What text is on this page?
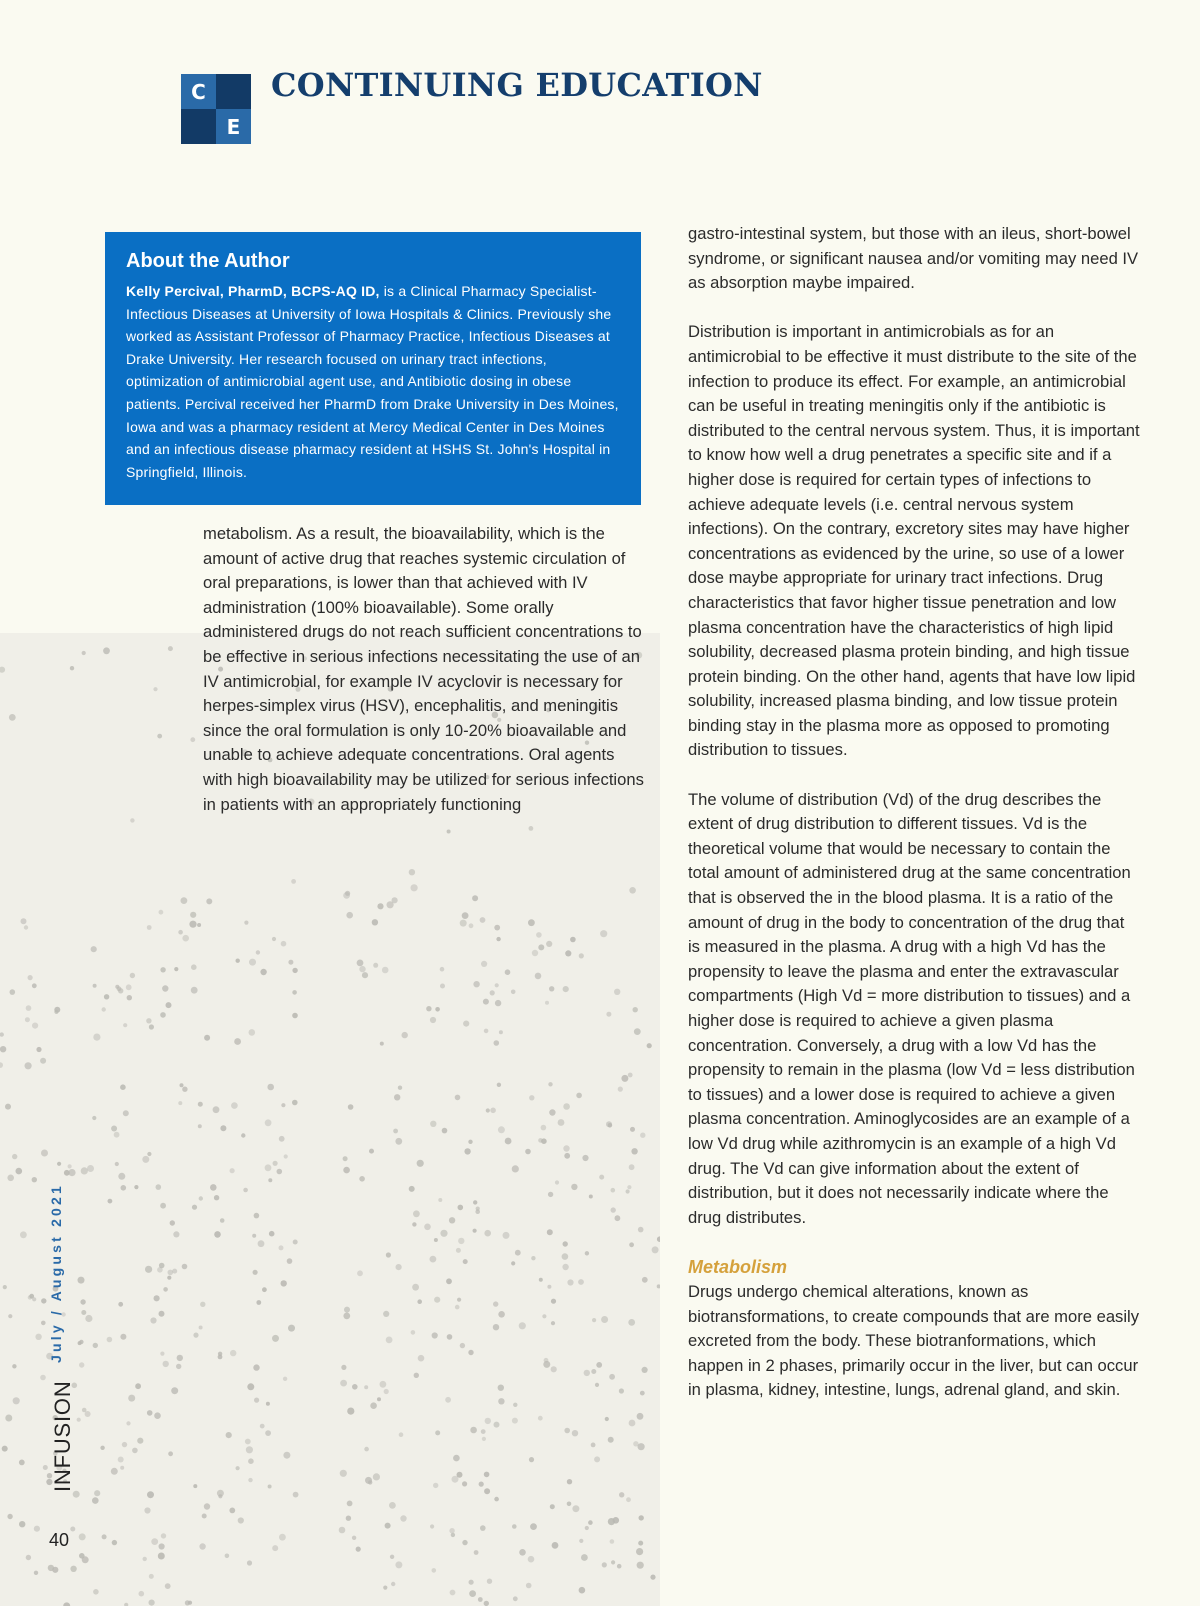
C
E
CONTINUING EDUCATION
About the Author
Kelly Percival, PharmD, BCPS-AQ ID, is a Clinical Pharmacy Specialist-Infectious Diseases at University of Iowa Hospitals & Clinics. Previously she worked as Assistant Professor of Pharmacy Practice, Infectious Diseases at Drake University. Her research focused on urinary tract infections, optimization of antimicrobial agent use, and Antibiotic dosing in obese patients. Percival received her PharmD from Drake University in Des Moines, Iowa and was a pharmacy resident at Mercy Medical Center in Des Moines and an infectious disease pharmacy resident at HSHS St. John's Hospital in Springfield, Illinois.

metabolism. As a result, the bioavailability, which is the amount of active drug that reaches systemic circulation of oral preparations, is lower than that achieved with IV administration (100% bioavailable). Some orally administered drugs do not reach sufficient concentrations to be effective in serious infections necessitating the use of an IV antimicrobial, for example IV acyclovir is necessary for herpes-simplex virus (HSV), encephalitis, and meningitis since the oral formulation is only 10-20% bioavailable and unable to achieve adequate concentrations. Oral agents with high bioavailability may be utilized for serious infections in patients with an appropriately functioning

gastro-intestinal system, but those with an ileus, short-bowel syndrome, or significant nausea and/or vomiting may need IV as absorption maybe impaired.

Distribution is important in antimicrobials as for an antimicrobial to be effective it must distribute to the site of the infection to produce its effect. For example, an antimicrobial can be useful in treating meningitis only if the antibiotic is distributed to the central nervous system. Thus, it is important to know how well a drug penetrates a specific site and if a higher dose is required for certain types of infections to achieve adequate levels (i.e. central nervous system infections). On the contrary, excretory sites may have higher concentrations as evidenced by the urine, so use of a lower dose maybe appropriate for urinary tract infections. Drug characteristics that favor higher tissue penetration and low plasma concentration have the characteristics of high lipid solubility, decreased plasma protein binding, and high tissue protein binding. On the other hand, agents that have low lipid solubility, increased plasma binding, and low tissue protein binding stay in the plasma more as opposed to promoting distribution to tissues.

The volume of distribution (Vd) of the drug describes the extent of drug distribution to different tissues. Vd is the theoretical volume that would be necessary to contain the total amount of administered drug at the same concentration that is observed the in the blood plasma. It is a ratio of the amount of drug in the body to concentration of the drug that is measured in the plasma. A drug with a high Vd has the propensity to leave the plasma and enter the extravascular compartments (High Vd = more distribution to tissues) and a higher dose is required to achieve a given plasma concentration. Conversely, a drug with a low Vd has the propensity to remain in the plasma (low Vd = less distribution to tissues) and a lower dose is required to achieve a given plasma concentration. Aminoglycosides are an example of a low Vd drug while azithromycin is an example of a high Vd drug. The Vd can give information about the extent of distribution, but it does not necessarily indicate where the drug distributes.

Metabolism

Drugs undergo chemical alterations, known as biotransformations, to create compounds that are more easily excreted from the body. These biotranformations, which happen in 2 phases, primarily occur in the liver, but can occur in plasma, kidney, intestine, lungs, adrenal gland, and skin.

July / August 2021
INFUSION
40
